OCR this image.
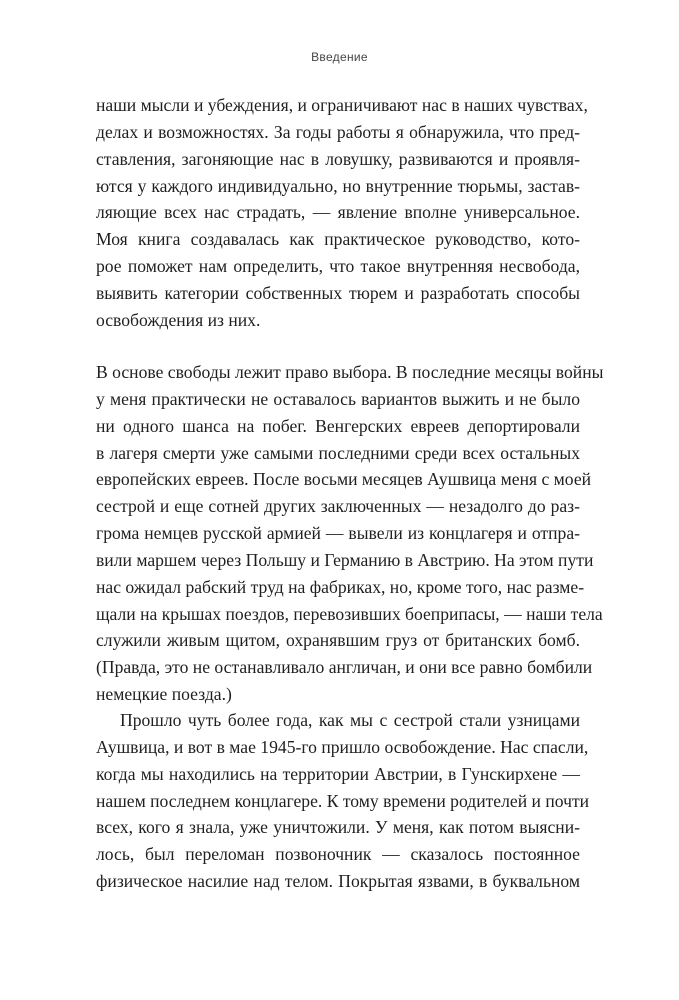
Введение
наши мысли и убеждения, и ограничивают нас в наших чувствах,
делах и возможностях. За годы работы я обнаружила, что пред-
ставления, загоняющие нас в ловушку, развиваются и проявля-
ются у каждого индивидуально, но внутренние тюрьмы, застав-
ляющие всех нас страдать, — явление вполне универсальное.
Моя книга создавалась как практическое руководство, кото-
рое поможет нам определить, что такое внутренняя несвобода,
выявить категории собственных тюрем и разработать способы
освобождения из них.
В основе свободы лежит право выбора. В последние месяцы войны
у меня практически не оставалось вариантов выжить и не было
ни одного шанса на побег. Венгерских евреев депортировали
в лагеря смерти уже самыми последними среди всех остальных
европейских евреев. После восьми месяцев Аушвица меня с моей
сестрой и еще сотней других заключенных — незадолго до раз-
грома немцев русской армией — вывели из концлагеря и отпра-
вили маршем через Польшу и Германию в Австрию. На этом пути
нас ожидал рабский труд на фабриках, но, кроме того, нас разме-
щали на крышах поездов, перевозивших боеприпасы, — наши тела
служили живым щитом, охранявшим груз от британских бомб.
(Правда, это не останавливало англичан, и они все равно бомбили
немецкие поезда.)
Прошло чуть более года, как мы с сестрой стали узницами
Аушвица, и вот в мае 1945-го пришло освобождение. Нас спасли,
когда мы находились на территории Австрии, в Гунскирхене —
нашем последнем концлагере. К тому времени родителей и почти
всех, кого я знала, уже уничтожили. У меня, как потом выясни-
лось, был переломан позвоночник — сказалось постоянное
физическое насилие над телом. Покрытая язвами, в буквальном
